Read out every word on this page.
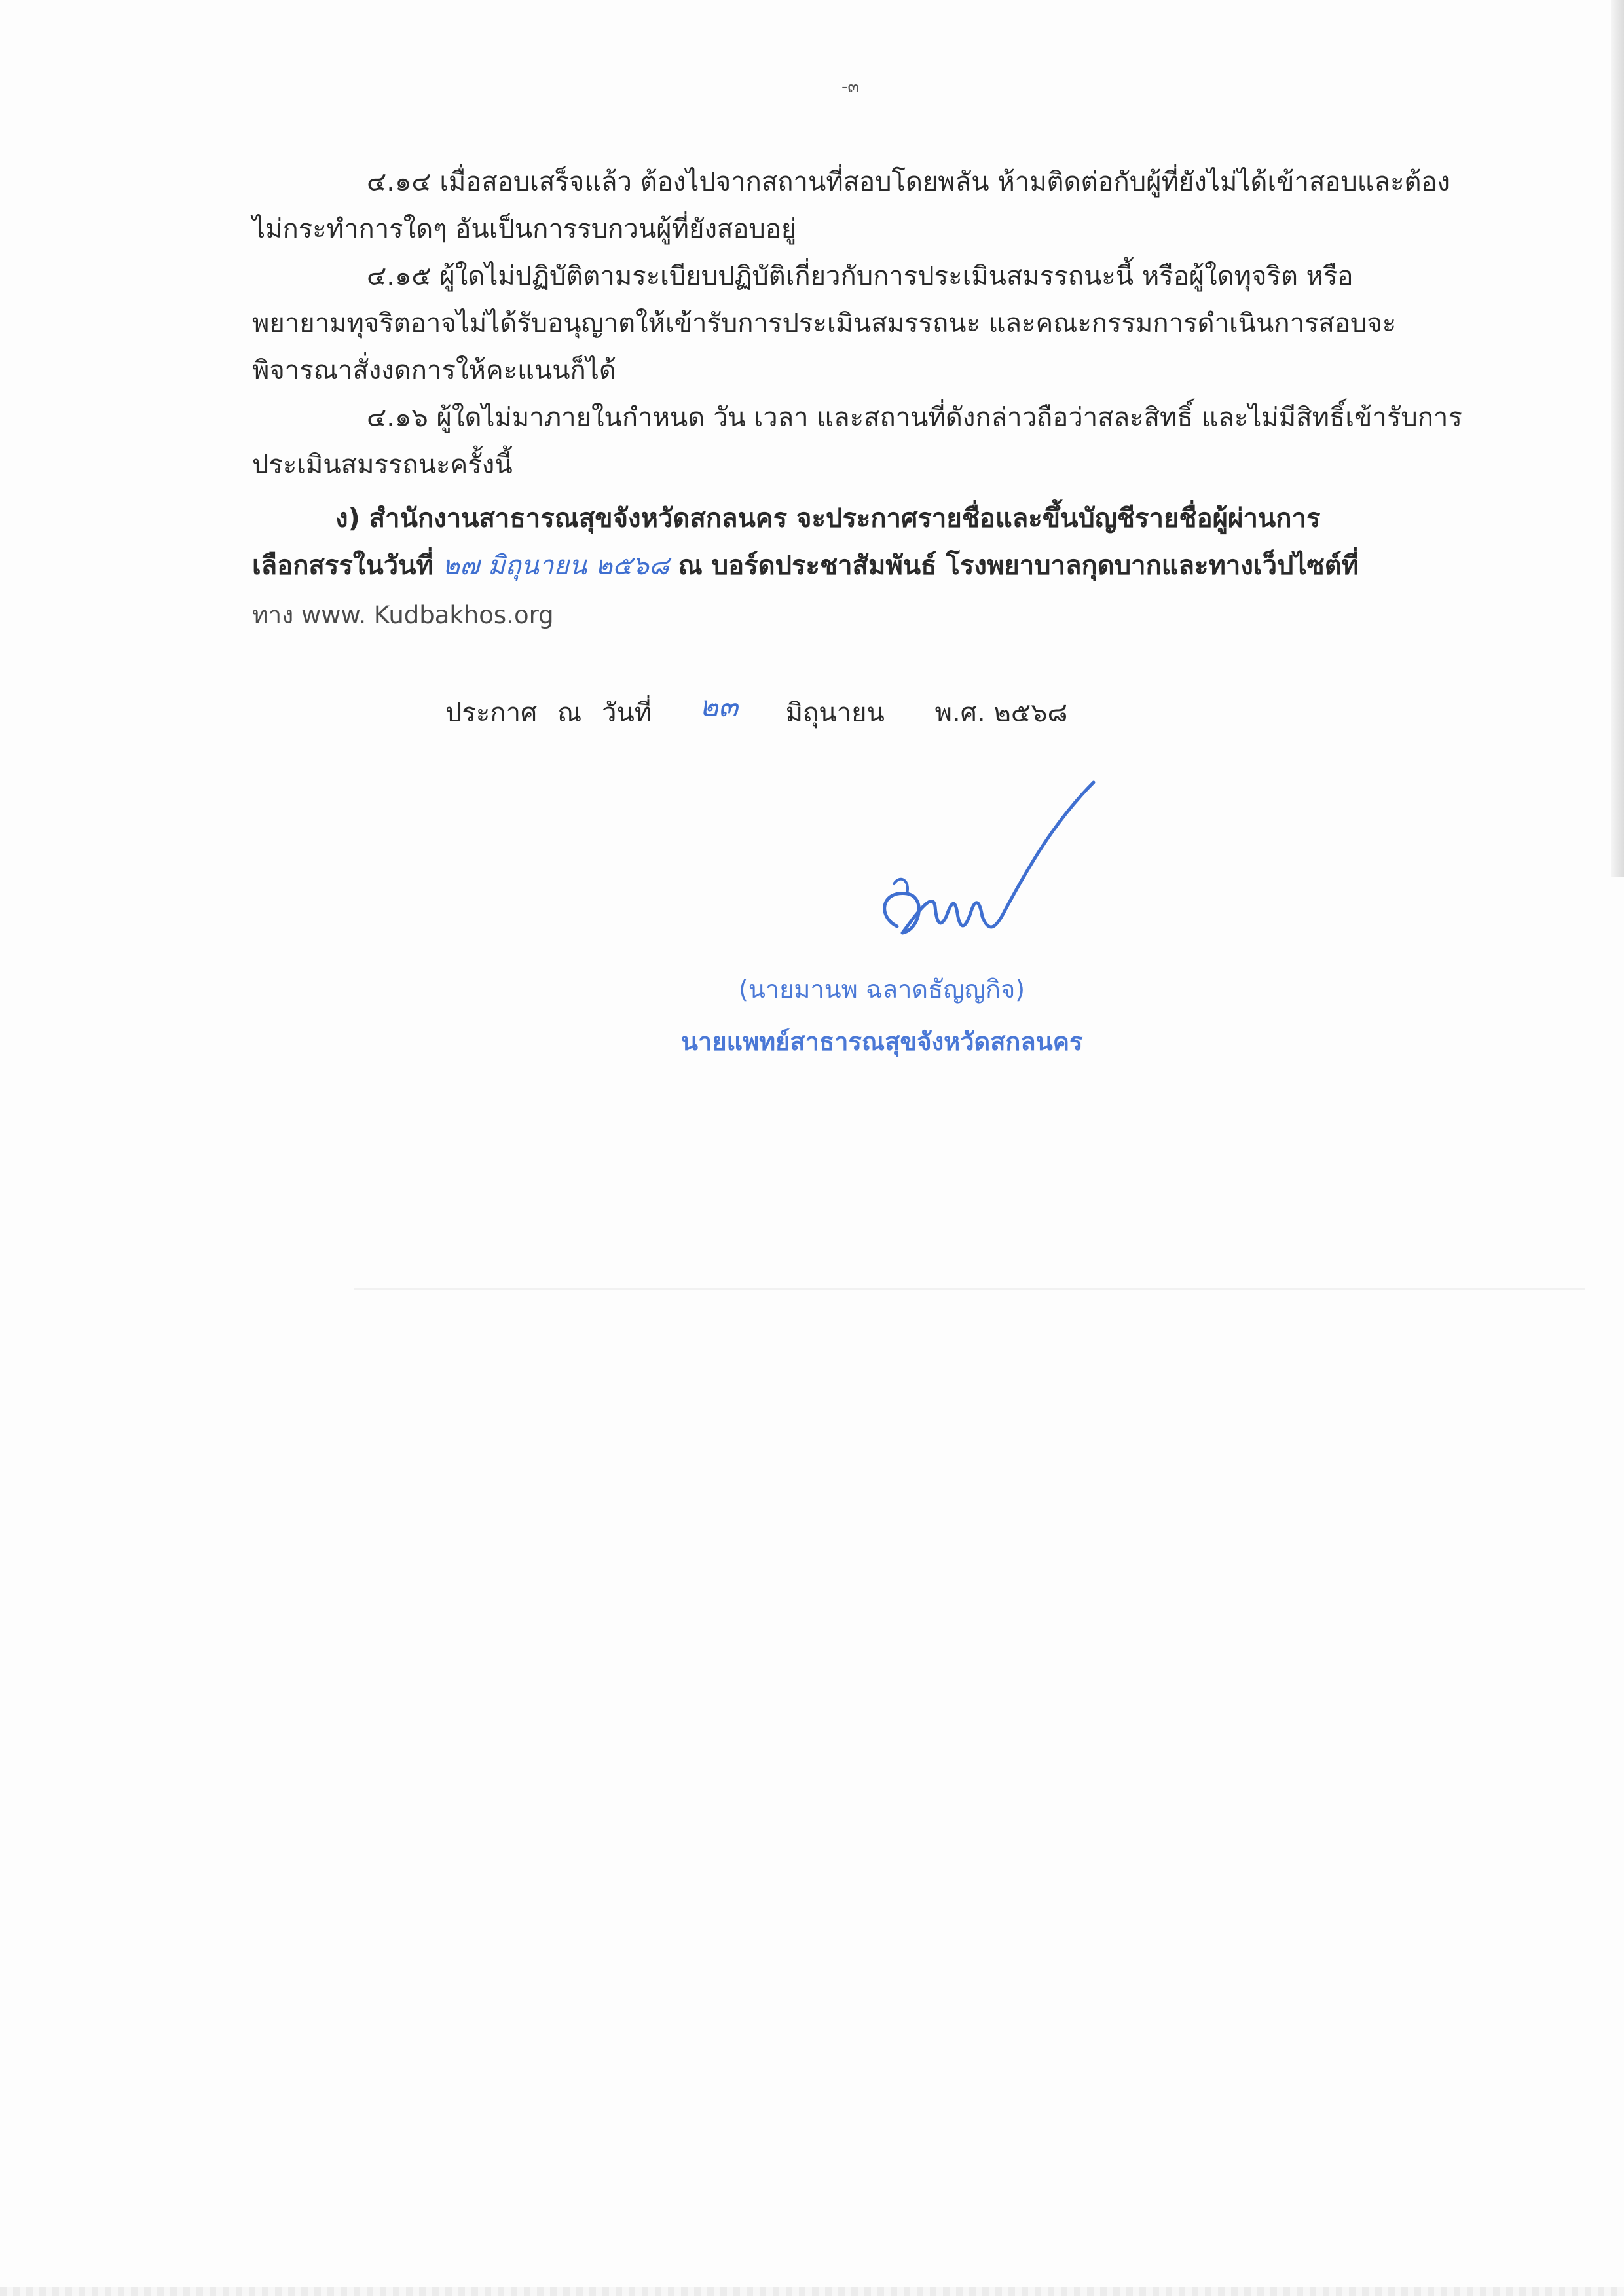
-๓
๔.๑๔ เมื่อสอบเสร็จแล้ว ต้องไปจากสถานที่สอบโดยพลัน ห้ามติดต่อกับผู้ที่ยังไม่ได้เข้าสอบและต้อง
ไม่กระทำการใดๆ อันเป็นการรบกวนผู้ที่ยังสอบอยู่
๔.๑๕ ผู้ใดไม่ปฏิบัติตามระเบียบปฏิบัติเกี่ยวกับการประเมินสมรรถนะนี้ หรือผู้ใดทุจริต หรือ
พยายามทุจริตอาจไม่ได้รับอนุญาตให้เข้ารับการประเมินสมรรถนะ และคณะกรรมการดำเนินการสอบจะ
พิจารณาสั่งงดการให้คะแนนก็ได้
๔.๑๖ ผู้ใดไม่มาภายในกำหนด วัน เวลา และสถานที่ดังกล่าวถือว่าสละสิทธิ์ และไม่มีสิทธิ์เข้ารับการ
ประเมินสมรรถนะครั้งนี้
ง) สำนักงานสาธารณสุขจังหวัดสกลนคร จะประกาศรายชื่อและขึ้นบัญชีรายชื่อผู้ผ่านการ
เลือกสรรในวันที่ ๒๗ มิถุนายน ๒๕๖๘ ณ บอร์ดประชาสัมพันธ์ โรงพยาบาลกุดบากและทางเว็ปไซต์ที่
ทาง www. Kudbakhos.org
ประกาศ ณ วันที่ ๒๓ มิถุนายน พ.ศ. ๒๕๖๘
(นายมานพ ฉลาดธัญญกิจ)
นายแพทย์สาธารณสุขจังหวัดสกลนคร
